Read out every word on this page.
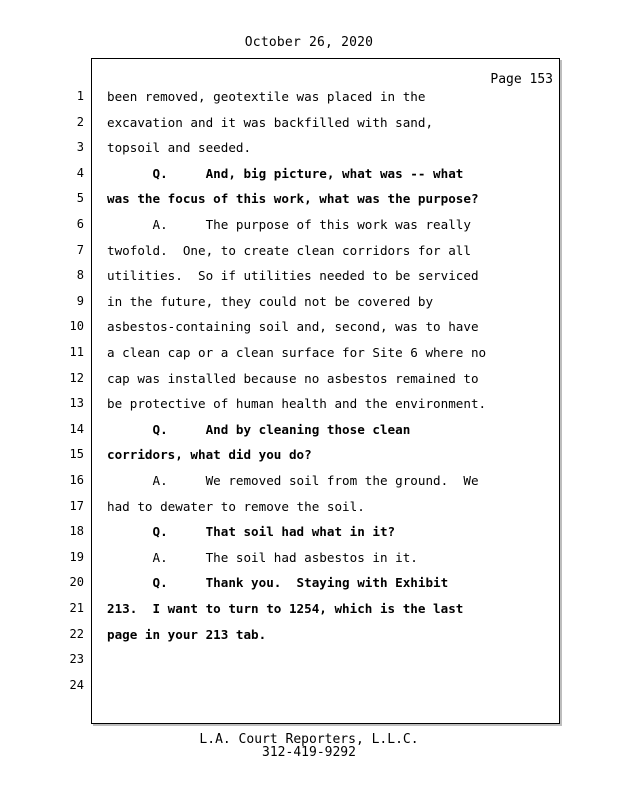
October 26, 2020
Page 153
1
2
3
4
5
6
7
8
9
10
11
12
13
14
15
16
17
18
19
20
21
22
23
24
been removed, geotextile was placed in the
excavation and it was backfilled with sand,
topsoil and seeded.
Q.     And, big picture, what was -- what
was the focus of this work, what was the purpose?
A.     The purpose of this work was really
twofold.  One, to create clean corridors for all
utilities.  So if utilities needed to be serviced
in the future, they could not be covered by
asbestos-containing soil and, second, was to have
a clean cap or a clean surface for Site 6 where no
cap was installed because no asbestos remained to
be protective of human health and the environment.
Q.     And by cleaning those clean
corridors, what did you do?
A.     We removed soil from the ground.  We
had to dewater to remove the soil.
Q.     That soil had what in it?
A.     The soil had asbestos in it.
Q.     Thank you.  Staying with Exhibit
213.  I want to turn to 1254, which is the last
page in your 213 tab.
L.A. Court Reporters, L.L.C.
312-419-9292
